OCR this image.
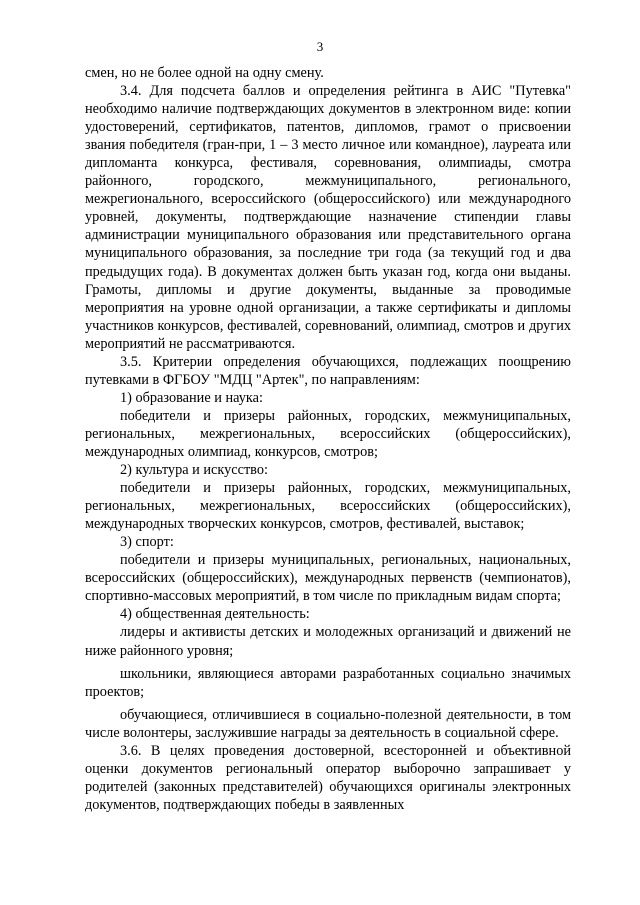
3

смен, но не более одной на одну смену.

3.4. Для подсчета баллов и определения рейтинга в АИС "Путевка" необходимо наличие подтверждающих документов в электронном виде: копии удостоверений, сертификатов, патентов, дипломов, грамот о присвоении звания победителя (гран-при, 1 – 3 место личное или командное), лауреата или дипломанта конкурса, фестиваля, соревнования, олимпиады, смотра районного, городского, межмуниципального, регионального, межрегионального, всероссийского (общероссийского) или международного уровней, документы, подтверждающие назначение стипендии главы администрации муниципального образования или представительного органа муниципального образования, за последние три года (за текущий год и два предыдущих года). В документах должен быть указан год, когда они выданы. Грамоты, дипломы и другие документы, выданные за проводимые мероприятия на уровне одной организации, а также сертификаты и дипломы участников конкурсов, фестивалей, соревнований, олимпиад, смотров и других мероприятий не рассматриваются.

3.5. Критерии определения обучающихся, подлежащих поощрению путевками в ФГБОУ "МДЦ "Артек", по направлениям:

1) образование и наука:

победители и призеры районных, городских, межмуниципальных, региональных, межрегиональных, всероссийских (общероссийских), международных олимпиад, конкурсов, смотров;

2) культура и искусство:

победители и призеры районных, городских, межмуниципальных, региональных, межрегиональных, всероссийских (общероссийских), международных творческих конкурсов, смотров, фестивалей, выставок;

3) спорт:

победители и призеры муниципальных, региональных, национальных, всероссийских (общероссийских), международных первенств (чемпионатов), спортивно-массовых мероприятий, в том числе по прикладным видам спорта;

4) общественная деятельность:

лидеры и активисты детских и молодежных организаций и движений не ниже районного уровня;

школьники, являющиеся авторами разработанных социально значимых проектов;

обучающиеся, отличившиеся в социально-полезной деятельности, в том числе волонтеры, заслужившие награды за деятельность в социальной сфере.

3.6. В целях проведения достоверной, всесторонней и объективной оценки документов региональный оператор выборочно запрашивает у родителей (законных представителей) обучающихся оригиналы электронных документов, подтверждающих победы в заявленных
